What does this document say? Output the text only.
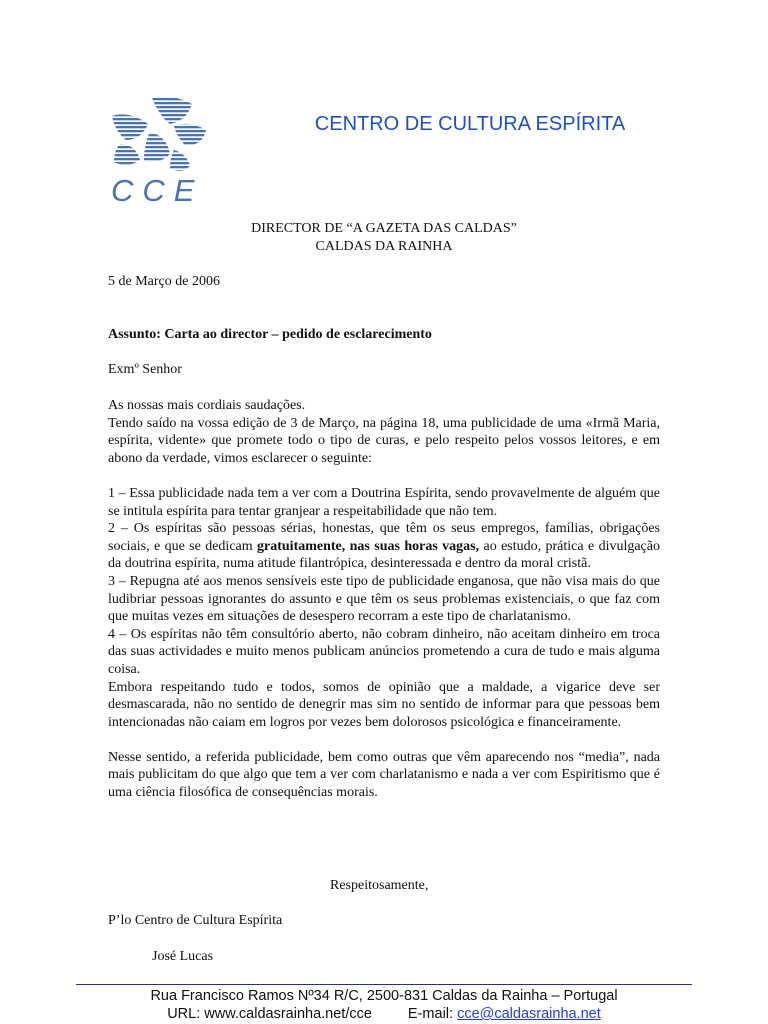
CCE
CENTRO DE CULTURA ESPÍRITA
DIRECTOR DE “A GAZETA DAS CALDAS”
CALDAS DA RAINHA
5 de Março de 2006
Assunto: Carta ao director – pedido de esclarecimento
Exmº Senhor

As nossas mais cordiais saudações.

Tendo saído na vossa edição de 3 de Março, na página 18, uma publicidade de uma «Irmã Maria, espírita, vidente» que promete todo o tipo de curas, e pelo respeito pelos vossos leitores, e em abono da verdade, vimos esclarecer o seguinte:

1 – Essa publicidade nada tem a ver com a Doutrina Espírita, sendo provavelmente de alguém que se intitula espírita para tentar granjear a respeitabilidade que não tem.

2 – Os espíritas são pessoas sérias, honestas, que têm os seus empregos, famílias, obrigações sociais, e que se dedicam gratuitamente, nas suas horas vagas, ao estudo, prática e divulgação da doutrina espírita, numa atitude filantrópica, desinteressada e dentro da moral cristã.

3 – Repugna até aos menos sensíveis este tipo de publicidade enganosa, que não visa mais do que ludibriar pessoas ignorantes do assunto e que têm os seus problemas existenciais, o que faz com que muitas vezes em situações de desespero recorram a este tipo de charlatanismo.

4 – Os espíritas não têm consultório aberto, não cobram dinheiro, não aceitam dinheiro em troca das suas actividades e muito menos publicam anúncios prometendo a cura de tudo e mais alguma coisa.

Embora respeitando tudo e todos, somos de opinião que a maldade, a vigarice deve ser desmascarada, não no sentido de denegrir mas sim no sentido de informar para que pessoas bem intencionadas não caiam em logros por vezes bem dolorosos psicológica e financeiramente.

Nesse sentido, a referida publicidade, bem como outras que vêm aparecendo nos “media”, nada mais publicitam do que algo que tem a ver com charlatanismo e nada a ver com Espiritismo que é uma ciência filosófica de consequências morais.

Respeitosamente,
P’lo Centro de Cultura Espírita
José Lucas
Rua Francisco Ramos Nº34 R/C, 2500-831 Caldas da Rainha – Portugal
URL: www.caldasrainha.net/cce E-mail: cce@caldasrainha.net
